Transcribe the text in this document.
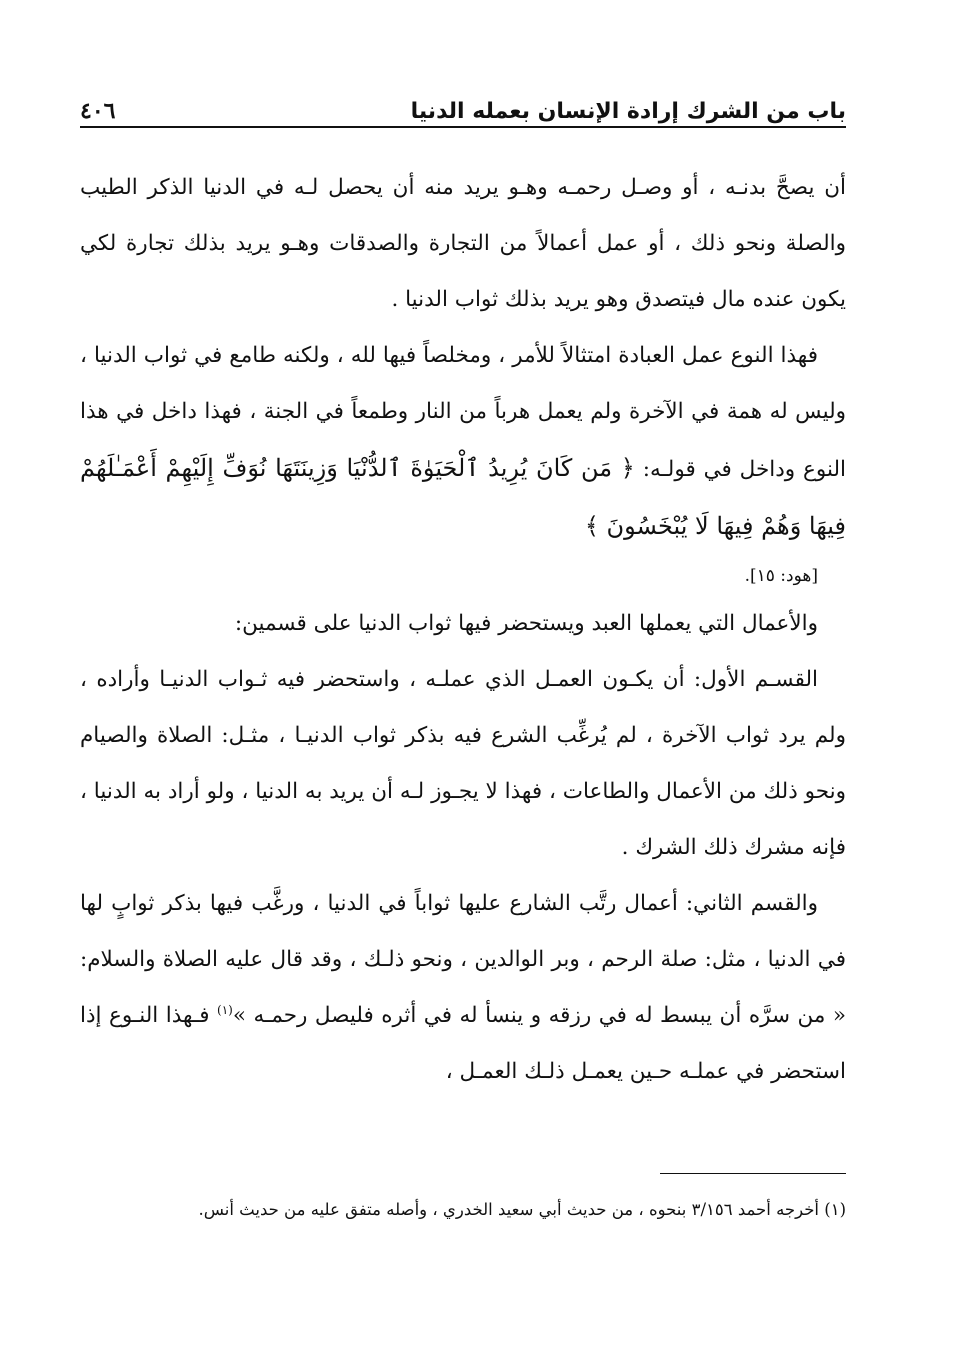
باب من الشرك إرادة الإنسان بعمله الدنيا
٤٠٦

أن يصحَّ بدنـه ، أو وصـل رحمـه وهـو يريد منه أن يحصل لـه في الدنيا الذكر الطيب والصلة ونحو ذلك ، أو عمل أعمالاً من التجارة والصدقات وهـو يريد بذلك تجارة لكي يكون عنده مال فيتصدق وهو يريد بذلك ثواب الدنيا .

فهذا النوع عمل العبادة امتثالاً للأمر ، ومخلصاً فيها لله ، ولكنه طامع في ثواب الدنيا ، وليس له همة في الآخرة ولم يعمل هرباً من النار وطمعاً في الجنة ، فهذا داخل في هذا النوع وداخل في قولـه: ﴿ مَن كَانَ يُرِيدُ ٱلْحَيَوٰةَ ٱلدُّنْيَا وَزِينَتَهَا نُوَفِّ إِلَيْهِمْ أَعْمَـٰلَهُمْ فِيهَا وَهُمْ فِيهَا لَا يُبْخَسُونَ ﴾
[هود: ١٥].

والأعمال التي يعملها العبد ويستحضر فيها ثواب الدنيا على قسمين:

القسـم الأول: أن يكـون العمـل الذي عملـه ، واستحضر فيه ثـواب الدنيـا وأراده ، ولم يرد ثواب الآخرة ، لم يُرغِّب الشرع فيه بذكر ثواب الدنيـا ، مثـل: الصلاة والصيام ونحو ذلك من الأعمال والطاعات ، فهذا لا يجـوز لـه أن يريد به الدنيا ، ولو أراد به الدنيا ، فإنه مشرك ذلك الشرك .

والقسم الثاني: أعمال رتَّب الشارع عليها ثواباً في الدنيا ، ورغَّب فيها بذكر ثوابٍ لها في الدنيا ، مثل: صلة الرحم ، وبر الوالدين ، ونحو ذلـك ، وقد قال عليه الصلاة والسلام: « من سرَّه أن يبسط له في رزقه و ينسأ له في أثره فليصل رحمـه »$^{(١)}$ فـهذا النـوع إذا استحضر في عملـه حـين يعمـل ذلـك العمـل ،

(١) أخرجه أحمد ٣/١٥٦ بنحوه ، من حديث أبي سعيد الخدري ، وأصله متفق عليه من حديث أنس.
